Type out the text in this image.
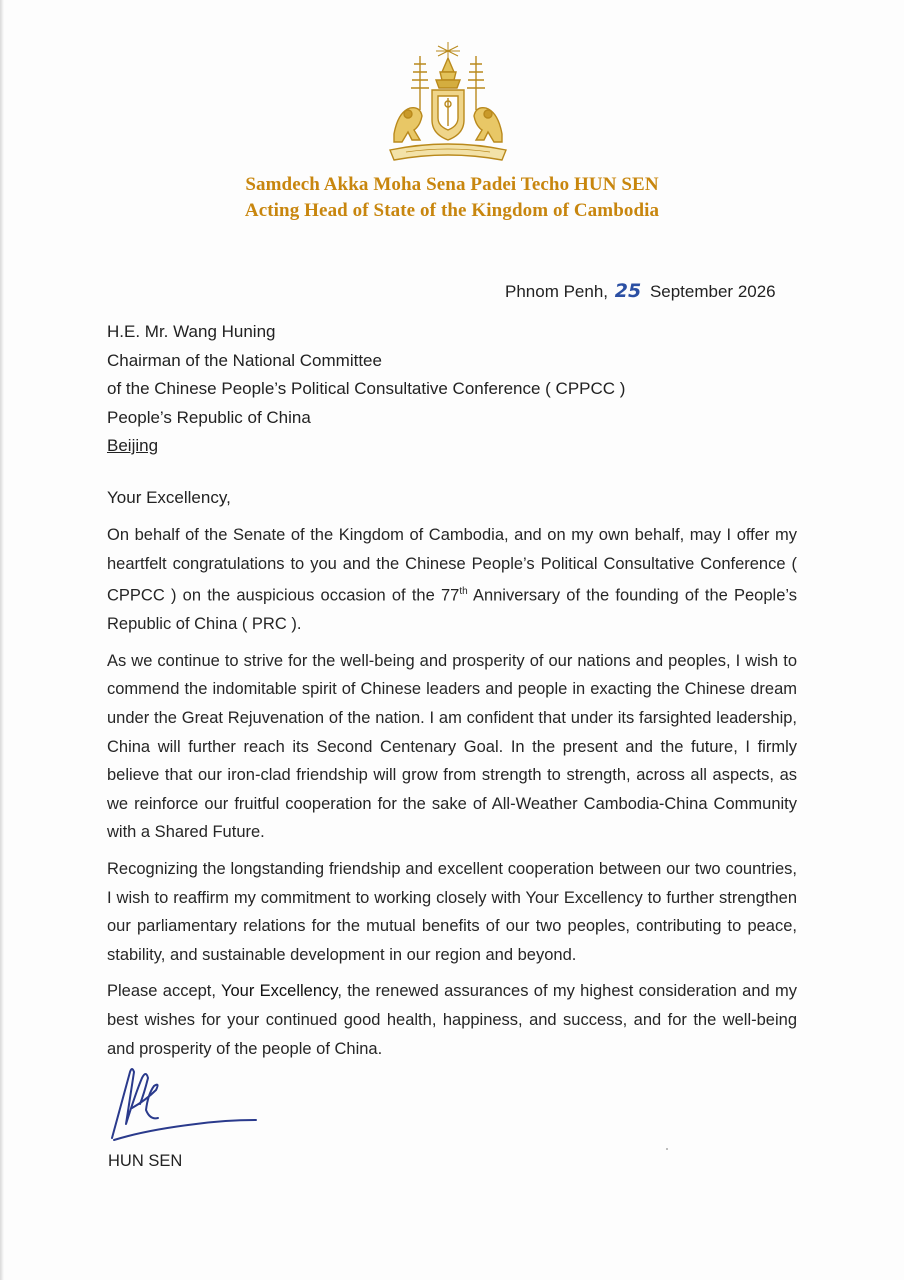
Samdech Akka Moha Sena Padei Techo HUN SEN
Acting Head of State of the Kingdom of Cambodia
Phnom Penh, 25 September 2026
H.E. Mr. Wang Huning
Chairman of the National Committee
of the Chinese People’s Political Consultative Conference ( CPPCC )
People’s Republic of China
Beijing
Your Excellency,

On behalf of the Senate of the Kingdom of Cambodia, and on my own behalf, may I offer my heartfelt congratulations to you and the Chinese People’s Political Consultative Conference ( CPPCC ) on the auspicious occasion of the 77th Anniversary of the founding of the People’s Republic of China ( PRC ).

As we continue to strive for the well-being and prosperity of our nations and peoples, I wish to commend the indomitable spirit of Chinese leaders and people in exacting the Chinese dream under the Great Rejuvenation of the nation. I am confident that under its farsighted leadership, China will further reach its Second Centenary Goal. In the present and the future, I firmly believe that our iron-clad friendship will grow from strength to strength, across all aspects, as we reinforce our fruitful cooperation for the sake of All-Weather Cambodia-China Community with a Shared Future.

Recognizing the longstanding friendship and excellent cooperation between our two countries, I wish to reaffirm my commitment to working closely with Your Excellency to further strengthen our parliamentary relations for the mutual benefits of our two peoples, contributing to peace, stability, and sustainable development in our region and beyond.

Please accept, Your Excellency, the renewed assurances of my highest consideration and my best wishes for your continued good health, happiness, and success, and for the well-being and prosperity of the people of China.

HUN SEN
